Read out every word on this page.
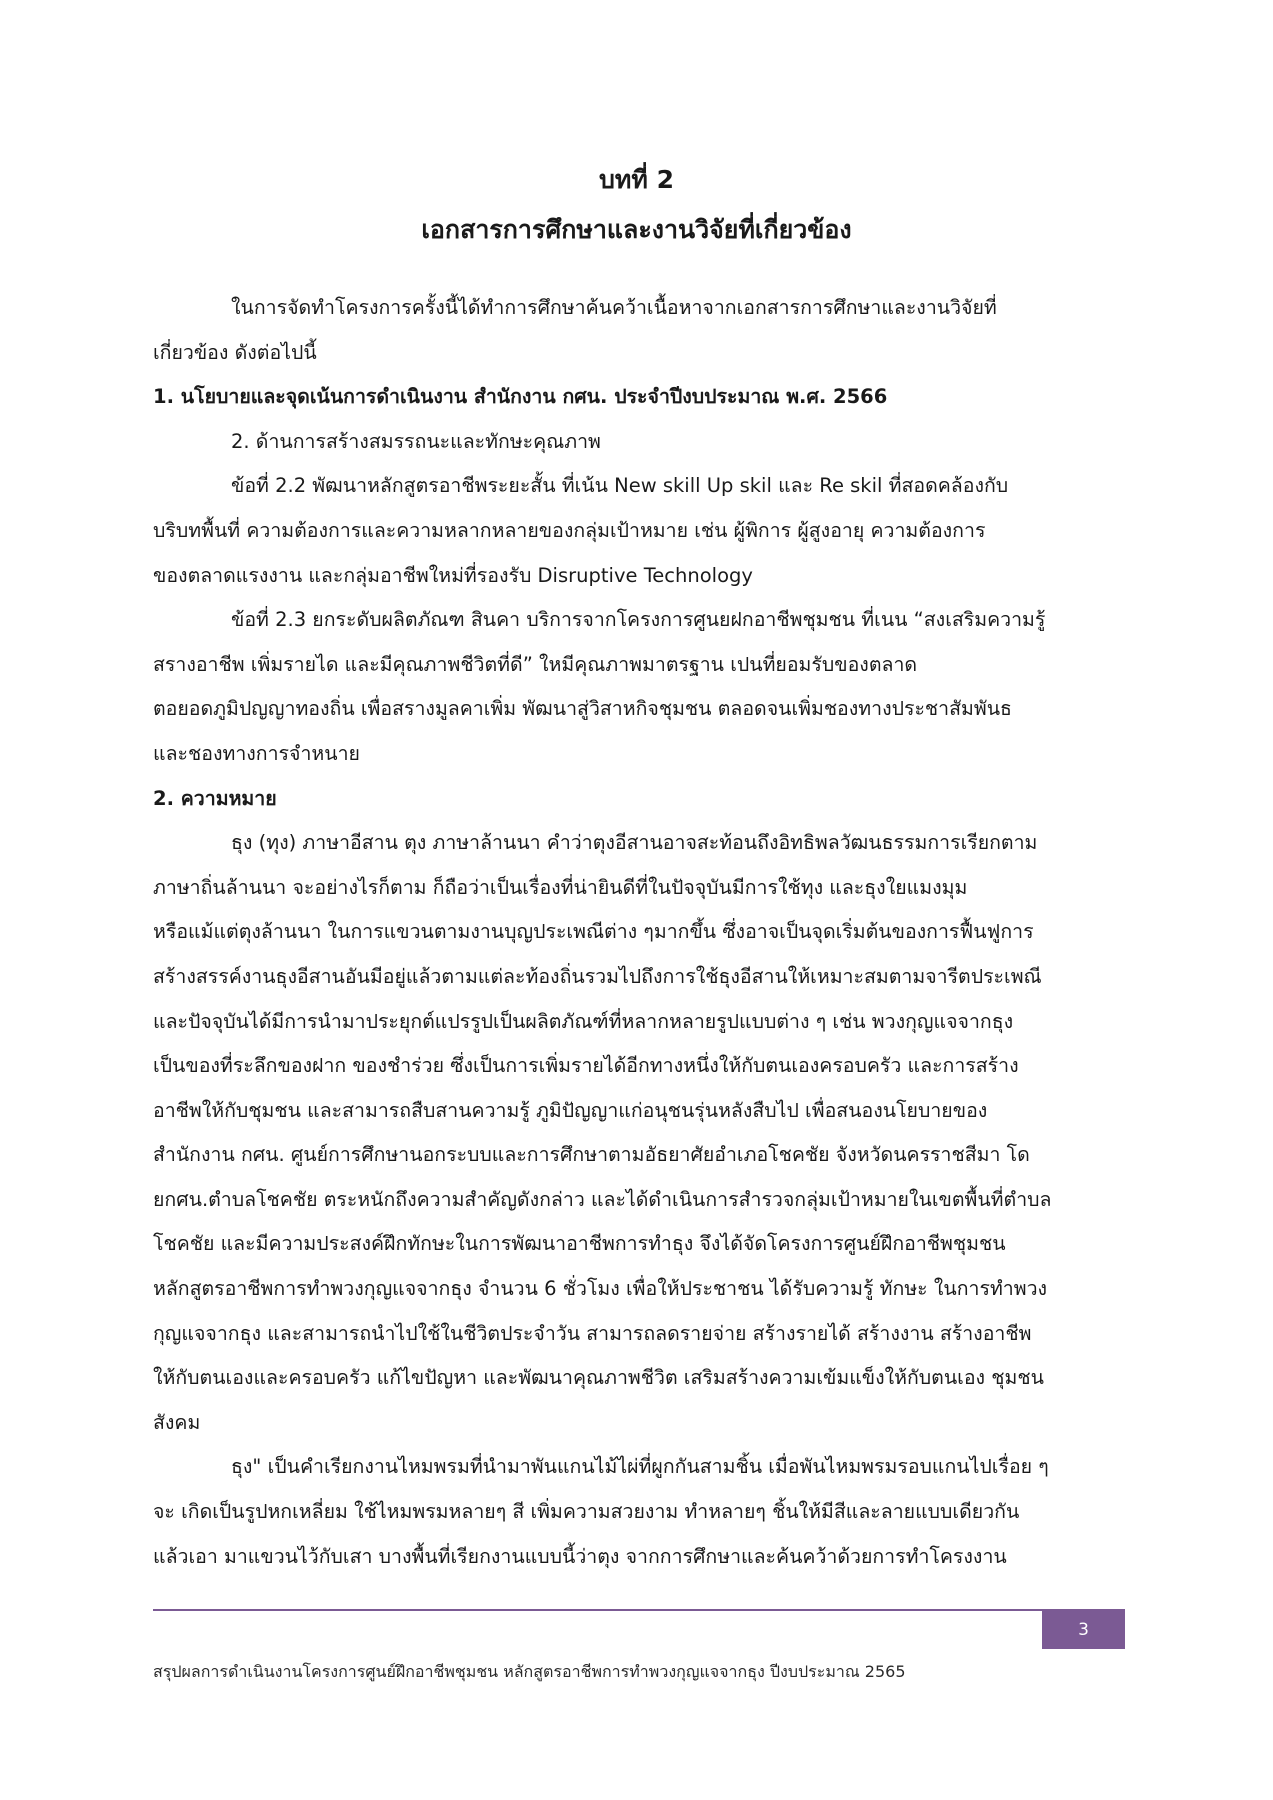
บทที่ 2
เอกสารการศึกษาและงานวิจัยที่เกี่ยวข้อง
ในการจัดทำโครงการครั้งนี้ได้ทำการศึกษาค้นคว้าเนื้อหาจากเอกสารการศึกษาและงานวิจัยที่
เกี่ยวข้อง ดังต่อไปนี้
1. นโยบายและจุดเน้นการดำเนินงาน สำนักงาน กศน. ประจำปีงบประมาณ พ.ศ. 2566
2. ด้านการสร้างสมรรถนะและทักษะคุณภาพ
ข้อที่ 2.2 พัฒนาหลักสูตรอาชีพระยะสั้น ที่เน้น New skill Up skil และ Re skil ที่สอดคล้องกับ
บริบทพื้นที่ ความต้องการและความหลากหลายของกลุ่มเป้าหมาย เช่น ผู้พิการ ผู้สูงอายุ ความต้องการ
ของตลาดแรงงาน และกลุ่มอาชีพใหม่ที่รองรับ Disruptive Technology
ข้อที่ 2.3 ยกระดับผลิตภัณฑ สินคา บริการจากโครงการศูนยฝกอาชีพชุมชน ที่เนน “สงเสริมความรู้
สรางอาชีพ เพิ่มรายได และมีคุณภาพชีวิตที่ดี” ใหมีคุณภาพมาตรฐาน เปนที่ยอมรับของตลาด
ตอยอดภูมิปญญาทองถิ่น เพื่อสรางมูลคาเพิ่ม พัฒนาสู่วิสาหกิจชุมชน ตลอดจนเพิ่มชองทางประชาสัมพันธ
และชองทางการจำหนาย
2. ความหมาย
ธุง (ทุง) ภาษาอีสาน ตุง ภาษาล้านนา คำว่าตุงอีสานอาจสะท้อนถึงอิทธิพลวัฒนธรรมการเรียกตาม
ภาษาถิ่นล้านนา จะอย่างไรก็ตาม ก็ถือว่าเป็นเรื่องที่น่ายินดีที่ในปัจจุบันมีการใช้ทุง และธุงใยแมงมุม
หรือแม้แต่ตุงล้านนา ในการแขวนตามงานบุญประเพณีต่าง ๆมากขึ้น ซึ่งอาจเป็นจุดเริ่มต้นของการฟื้นฟูการ
สร้างสรรค์งานธุงอีสานอันมีอยู่แล้วตามแต่ละท้องถิ่นรวมไปถึงการใช้ธุงอีสานให้เหมาะสมตามจารีตประเพณี
และปัจจุบันได้มีการนำมาประยุกต์แปรรูปเป็นผลิตภัณฑ์ที่หลากหลายรูปแบบต่าง ๆ เช่น พวงกุญแจจากธุง
เป็นของที่ระลึกของฝาก ของชำร่วย ซึ่งเป็นการเพิ่มรายได้อีกทางหนึ่งให้กับตนเองครอบครัว และการสร้าง
อาชีพให้กับชุมชน และสามารถสืบสานความรู้ ภูมิปัญญาแก่อนุชนรุ่นหลังสืบไป เพื่อสนองนโยบายของ
สำนักงาน กศน. ศูนย์การศึกษานอกระบบและการศึกษาตามอัธยาศัยอำเภอโชคชัย จังหวัดนครราชสีมา โด
ยกศน.ตำบลโชคชัย ตระหนักถึงความสำคัญดังกล่าว และได้ดำเนินการสำรวจกลุ่มเป้าหมายในเขตพื้นที่ตำบล
โชคชัย และมีความประสงค์ฝึกทักษะในการพัฒนาอาชีพการทำธุง จึงได้จัดโครงการศูนย์ฝึกอาชีพชุมชน
หลักสูตรอาชีพการทำพวงกุญแจจากธุง จำนวน 6 ชั่วโมง เพื่อให้ประชาชน ได้รับความรู้ ทักษะ ในการทำพวง
กุญแจจากธุง และสามารถนำไปใช้ในชีวิตประจำวัน สามารถลดรายจ่าย สร้างรายได้ สร้างงาน สร้างอาชีพ
ให้กับตนเองและครอบครัว แก้ไขปัญหา และพัฒนาคุณภาพชีวิต เสริมสร้างความเข้มแข็งให้กับตนเอง ชุมชน
สังคม
ธุง" เป็นคำเรียกงานไหมพรมที่นำมาพันแกนไม้ไผ่ที่ผูกกันสามชิ้น เมื่อพันไหมพรมรอบแกนไปเรื่อย ๆ
จะ เกิดเป็นรูปหกเหลี่ยม ใช้ไหมพรมหลายๆ สี เพิ่มความสวยงาม ทำหลายๆ ชิ้นให้มีสีและลายแบบเดียวกัน
แล้วเอา มาแขวนไว้กับเสา บางพื้นที่เรียกงานแบบนี้ว่าตุง จากการศึกษาและค้นคว้าด้วยการทำโครงงาน
3
สรุปผลการดำเนินงานโครงการศูนย์ฝึกอาชีพชุมชน หลักสูตรอาชีพการทำพวงกุญแจจากธุง ปีงบประมาณ 2565
